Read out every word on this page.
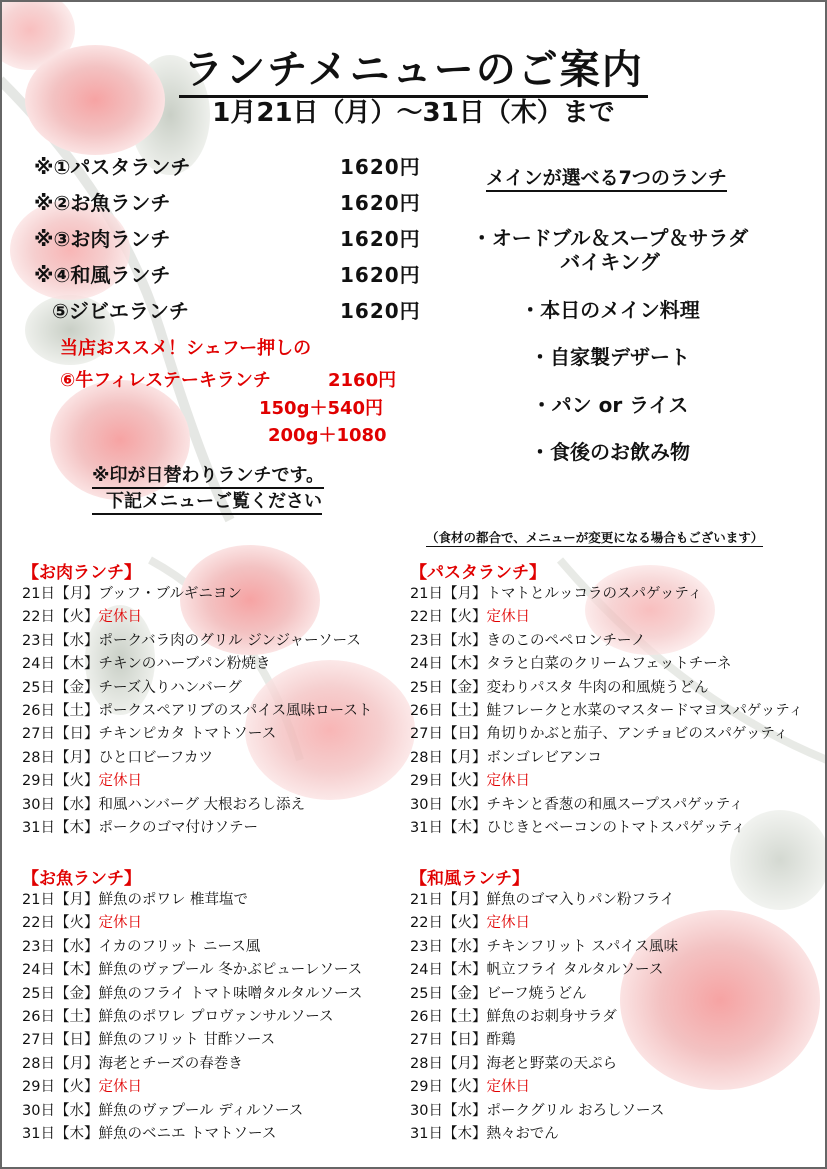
ランチメニューのご案内
1月21日（月）～31日（木）まで
※①パスタランチ	1620円
※②お魚ランチ	1620円
※③お肉ランチ	1620円
※④和風ランチ	1620円
⑤ジビエランチ	1620円
当店おススメ！シェフー押しの
⑥牛フィレステーキランチ	2160円
150g＋540円
200g＋1080
※印が日替わりランチです。
下記メニューご覧ください
メインが選べる7つのランチ
・オードブル＆スープ＆サラダ
バイキング
・本日のメイン料理
・自家製デザート
・パン or ライス
・食後のお飲み物
（食材の都合で、メニューが変更になる場合もございます）
【お肉ランチ】
21日【月】ブッフ・ブルギニヨン
22日【火】定休日
23日【水】ポークバラ肉のグリル ジンジャーソース
24日【木】チキンのハーブパン粉焼き
25日【金】チーズ入りハンバーグ
26日【土】ポークスペアリブのスパイス風味ロースト
27日【日】チキンピカタ トマトソース
28日【月】ひと口ビーフカツ
29日【火】定休日
30日【水】和風ハンバーグ 大根おろし添え
31日【木】ポークのゴマ付けソテー
【パスタランチ】
21日【月】トマトとルッコラのスパゲッティ
22日【火】定休日
23日【水】きのこのペペロンチーノ
24日【木】タラと白菜のクリームフェットチーネ
25日【金】変わりパスタ 牛肉の和風焼うどん
26日【土】鮭フレークと水菜のマスタードマヨスパゲッティ
27日【日】角切りかぶと茄子、アンチョビのスパゲッティ
28日【月】ボンゴレビアンコ
29日【火】定休日
30日【水】チキンと香葱の和風スープスパゲッティ
31日【木】ひじきとベーコンのトマトスパゲッティ
【お魚ランチ】
21日【月】鮮魚のポワレ 椎茸塩で
22日【火】定休日
23日【水】イカのフリット ニース風
24日【木】鮮魚のヴァプール 冬かぶピューレソース
25日【金】鮮魚のフライ トマト味噌タルタルソース
26日【土】鮮魚のポワレ プロヴァンサルソース
27日【日】鮮魚のフリット 甘酢ソース
28日【月】海老とチーズの春巻き
29日【火】定休日
30日【水】鮮魚のヴァプール ディルソース
31日【木】鮮魚のベニエ トマトソース
【和風ランチ】
21日【月】鮮魚のゴマ入りパン粉フライ
22日【火】定休日
23日【水】チキンフリット スパイス風味
24日【木】帆立フライ タルタルソース
25日【金】ビーフ焼うどん
26日【土】鮮魚のお刺身サラダ
27日【日】酢鶏
28日【月】海老と野菜の天ぷら
29日【火】定休日
30日【水】ポークグリル おろしソース
31日【木】熱々おでん
